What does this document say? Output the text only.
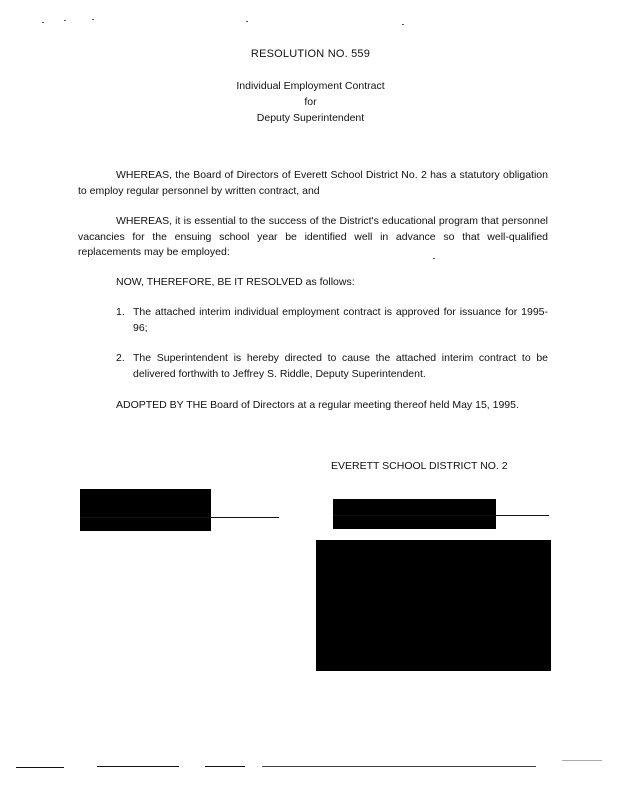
RESOLUTION NO. 559
Individual Employment Contract
for
Deputy Superintendent
WHEREAS, the Board of Directors of Everett School District No. 2 has a statutory obligation to employ regular personnel by written contract, and
WHEREAS, it is essential to the success of the District's educational program that personnel vacancies for the ensuing school year be identified well in advance so that well-qualified replacements may be employed:
NOW, THEREFORE, BE IT RESOLVED as follows:
1. The attached interim individual employment contract is approved for issuance for 1995-96;
2. The Superintendent is hereby directed to cause the attached interim contract to be delivered forthwith to Jeffrey S. Riddle, Deputy Superintendent.
ADOPTED BY THE Board of Directors at a regular meeting thereof held May 15, 1995.
EVERETT SCHOOL DISTRICT NO. 2
